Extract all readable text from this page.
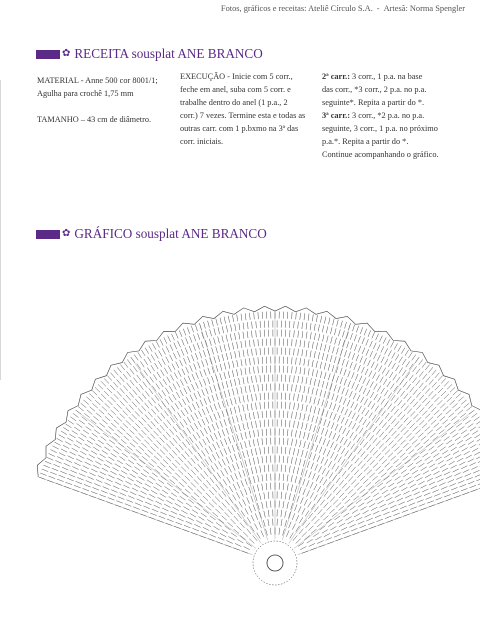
Fotos, gráficos e receitas: Ateliê Círculo S.A. - Artesã: Norma Spengler
✿ RECEITA sousplat ANE BRANCO

MATERIAL - Anne 500 cor 8001/1;

Agulha para crochê 1,75 mm

TAMANHO – 43 cm de diâmetro.

EXECUÇÃO - Inicie com 5 corr.,

feche em anel, suba com 5 corr. e

trabalhe dentro do anel (1 p.a., 2

corr.) 7 vezes. Termine esta e todas as

outras carr. com 1 p.bxmo na 3ª das

corr. iniciais.

2ª carr.: 3 corr., 1 p.a. na base

das corr., *3 corr., 2 p.a. no p.a.

seguinte*. Repita a partir do *.

3ª carr.: 3 corr., *2 p.a. no p.a.

seguinte, 3 corr., 1 p.a. no próximo

p.a.*. Repita a partir do *.

Continue acompanhando o gráfico.

✿ GRÁFICO sousplat ANE BRANCO
